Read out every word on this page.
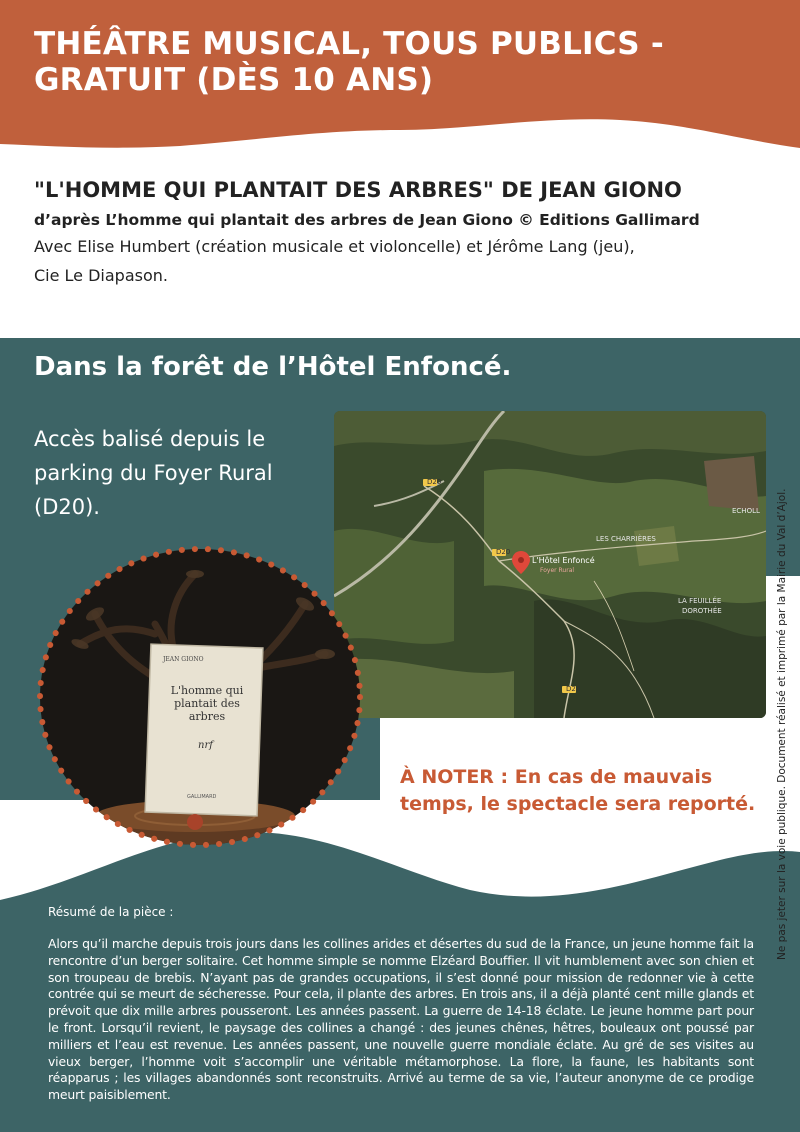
THÉÂTRE MUSICAL, TOUS PUBLICS - GRATUIT (DÈS 10 ANS)
"L'HOMME QUI PLANTAIT DES ARBRES" DE JEAN GIONO
d’après L’homme qui plantait des arbres de Jean Giono © Editions Gallimard
Avec Elise Humbert (création musicale et violoncelle) et Jérôme Lang (jeu),
Cie Le Diapason.
Dans la forêt de l’Hôtel Enfoncé.
Accès balisé depuis le parking du Foyer Rural (D20).
D20
D20
D20
L'Hôtel Enfoncé
Foyer Rural
LES CHARRIÈRES
LA FEUILLÉE
DOROTHÉE
ECHOLL
JEAN GIONO
L'homme qui plantait des arbres
nrf
GALLIMARD
À NOTER : En cas de mauvais temps, le spectacle sera reporté.
Résumé de la pièce :
Alors qu’il marche depuis trois jours dans les collines arides et désertes du sud de la France, un jeune homme fait la rencontre d’un berger solitaire. Cet homme simple se nomme Elzéard Bouffier. Il vit humblement avec son chien et son troupeau de brebis. N’ayant pas de grandes occupations, il s’est donné pour mission de redonner vie à cette contrée qui se meurt de sécheresse. Pour cela, il plante des arbres. En trois ans, il a déjà planté cent mille glands et prévoit que dix mille arbres pousseront. Les années passent. La guerre de 14-18 éclate. Le jeune homme part pour le front. Lorsqu’il revient, le paysage des collines a changé : des jeunes chênes, hêtres, bouleaux ont poussé par milliers et l’eau est revenue. Les années passent, une nouvelle guerre mondiale éclate. Au gré de ses visites au vieux berger, l’homme voit s’accomplir une véritable métamorphose. La flore, la faune, les habitants sont réapparus ; les villages abandonnés sont reconstruits. Arrivé au terme de sa vie, l’auteur anonyme de ce prodige meurt paisiblement.
Ne pas jeter sur la voie publique. Document réalisé et imprimé par la Mairie du Val d’Ajol.
